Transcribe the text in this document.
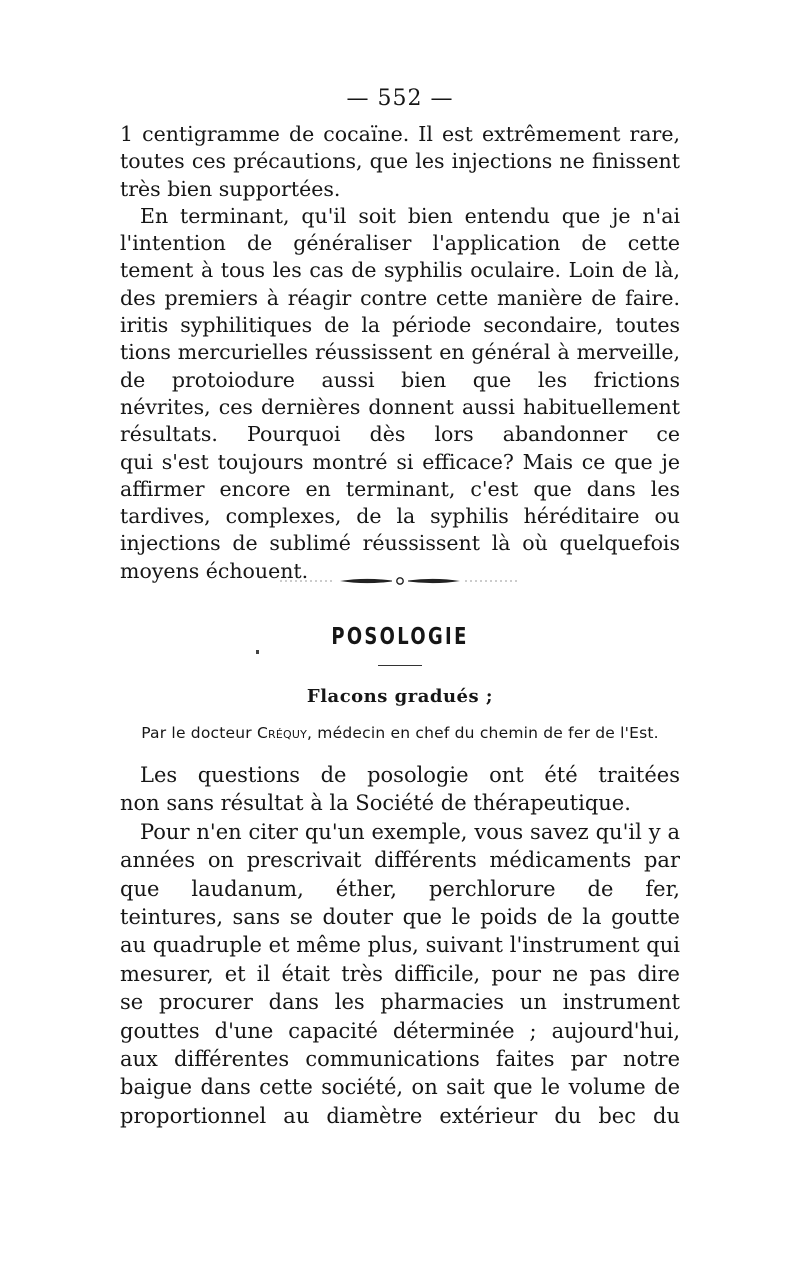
— 552 —
1 centigramme de cocaïne. Il est extrêmement rare,
toutes ces précautions, que les injections ne finissent
très bien supportées.
En terminant, qu'il soit bien entendu que je n'ai
l'intention de généraliser l'application de cette
tement à tous les cas de syphilis oculaire. Loin de là,
des premiers à réagir contre cette manière de faire.
iritis syphilitiques de la période secondaire, toutes
tions mercurielles réussissent en général à merveille,
de protoiodure aussi bien que les frictions
névrites, ces dernières donnent aussi habituellement
résultats. Pourquoi dès lors abandonner ce
qui s'est toujours montré si efficace? Mais ce que je
affirmer encore en terminant, c'est que dans les
tardives, complexes, de la syphilis héréditaire ou
injections de sublimé réussissent là où quelquefois
moyens échouent.
POSOLOGIE
Flacons gradués ;
Par le docteur Créquy, médecin en chef du chemin de fer de l'Est.
Les questions de posologie ont été traitées
non sans résultat à la Société de thérapeutique.
Pour n'en citer qu'un exemple, vous savez qu'il y a
années on prescrivait différents médicaments par
que laudanum, éther, perchlorure de fer,
teintures, sans se douter que le poids de la goutte
au quadruple et même plus, suivant l'instrument qui
mesurer, et il était très difficile, pour ne pas dire
se procurer dans les pharmacies un instrument
gouttes d'une capacité déterminée ; aujourd'hui,
aux différentes communications faites par notre
baigue dans cette société, on sait que le volume de
proportionnel au diamètre extérieur du bec du
